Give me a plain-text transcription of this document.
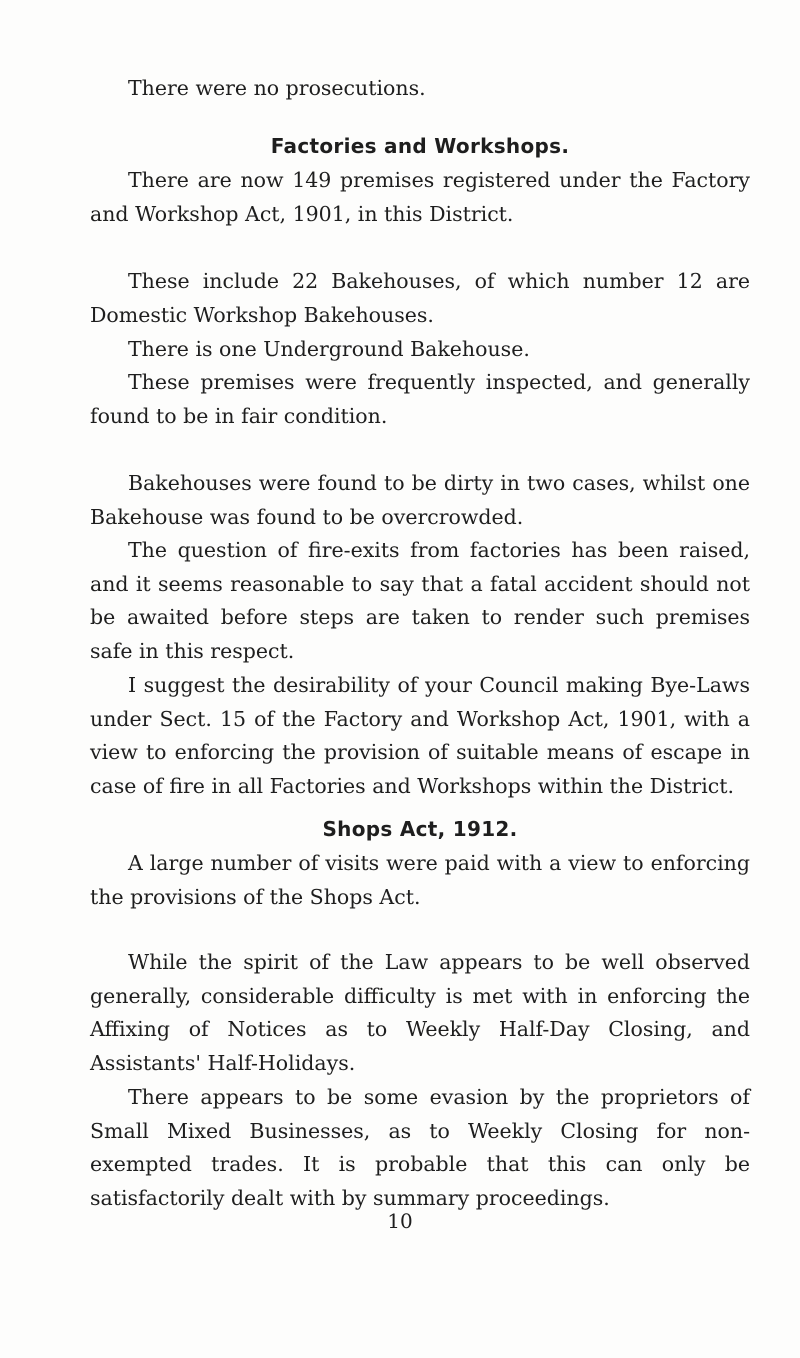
There were no prosecutions.

Factories and Workshops.

There are now 149 premises registered under the Factory and Workshop Act, 1901, in this District.

These include 22 Bakehouses, of which number 12 are Domestic Workshop Bakehouses.

There is one Underground Bakehouse.

These premises were frequently inspected, and generally found to be in fair condition.

Bakehouses were found to be dirty in two cases, whilst one Bakehouse was found to be overcrowded.

The question of fire-exits from factories has been raised, and it seems reasonable to say that a fatal accident should not be awaited before steps are taken to render such premises safe in this respect.

I suggest the desirability of your Council making Bye-Laws under Sect. 15 of the Factory and Workshop Act, 1901, with a view to enforcing the provision of suitable means of escape in case of fire in all Factories and Workshops within the District.

Shops Act, 1912.

A large number of visits were paid with a view to enforcing the provisions of the Shops Act.

While the spirit of the Law appears to be well observed generally, considerable difficulty is met with in enforcing the Affixing of Notices as to Weekly Half-Day Closing, and Assistants' Half-Holidays.

There appears to be some evasion by the proprietors of Small Mixed Businesses, as to Weekly Closing for non-exempted trades. It is probable that this can only be satisfactorily dealt with by summary proceedings.

10
